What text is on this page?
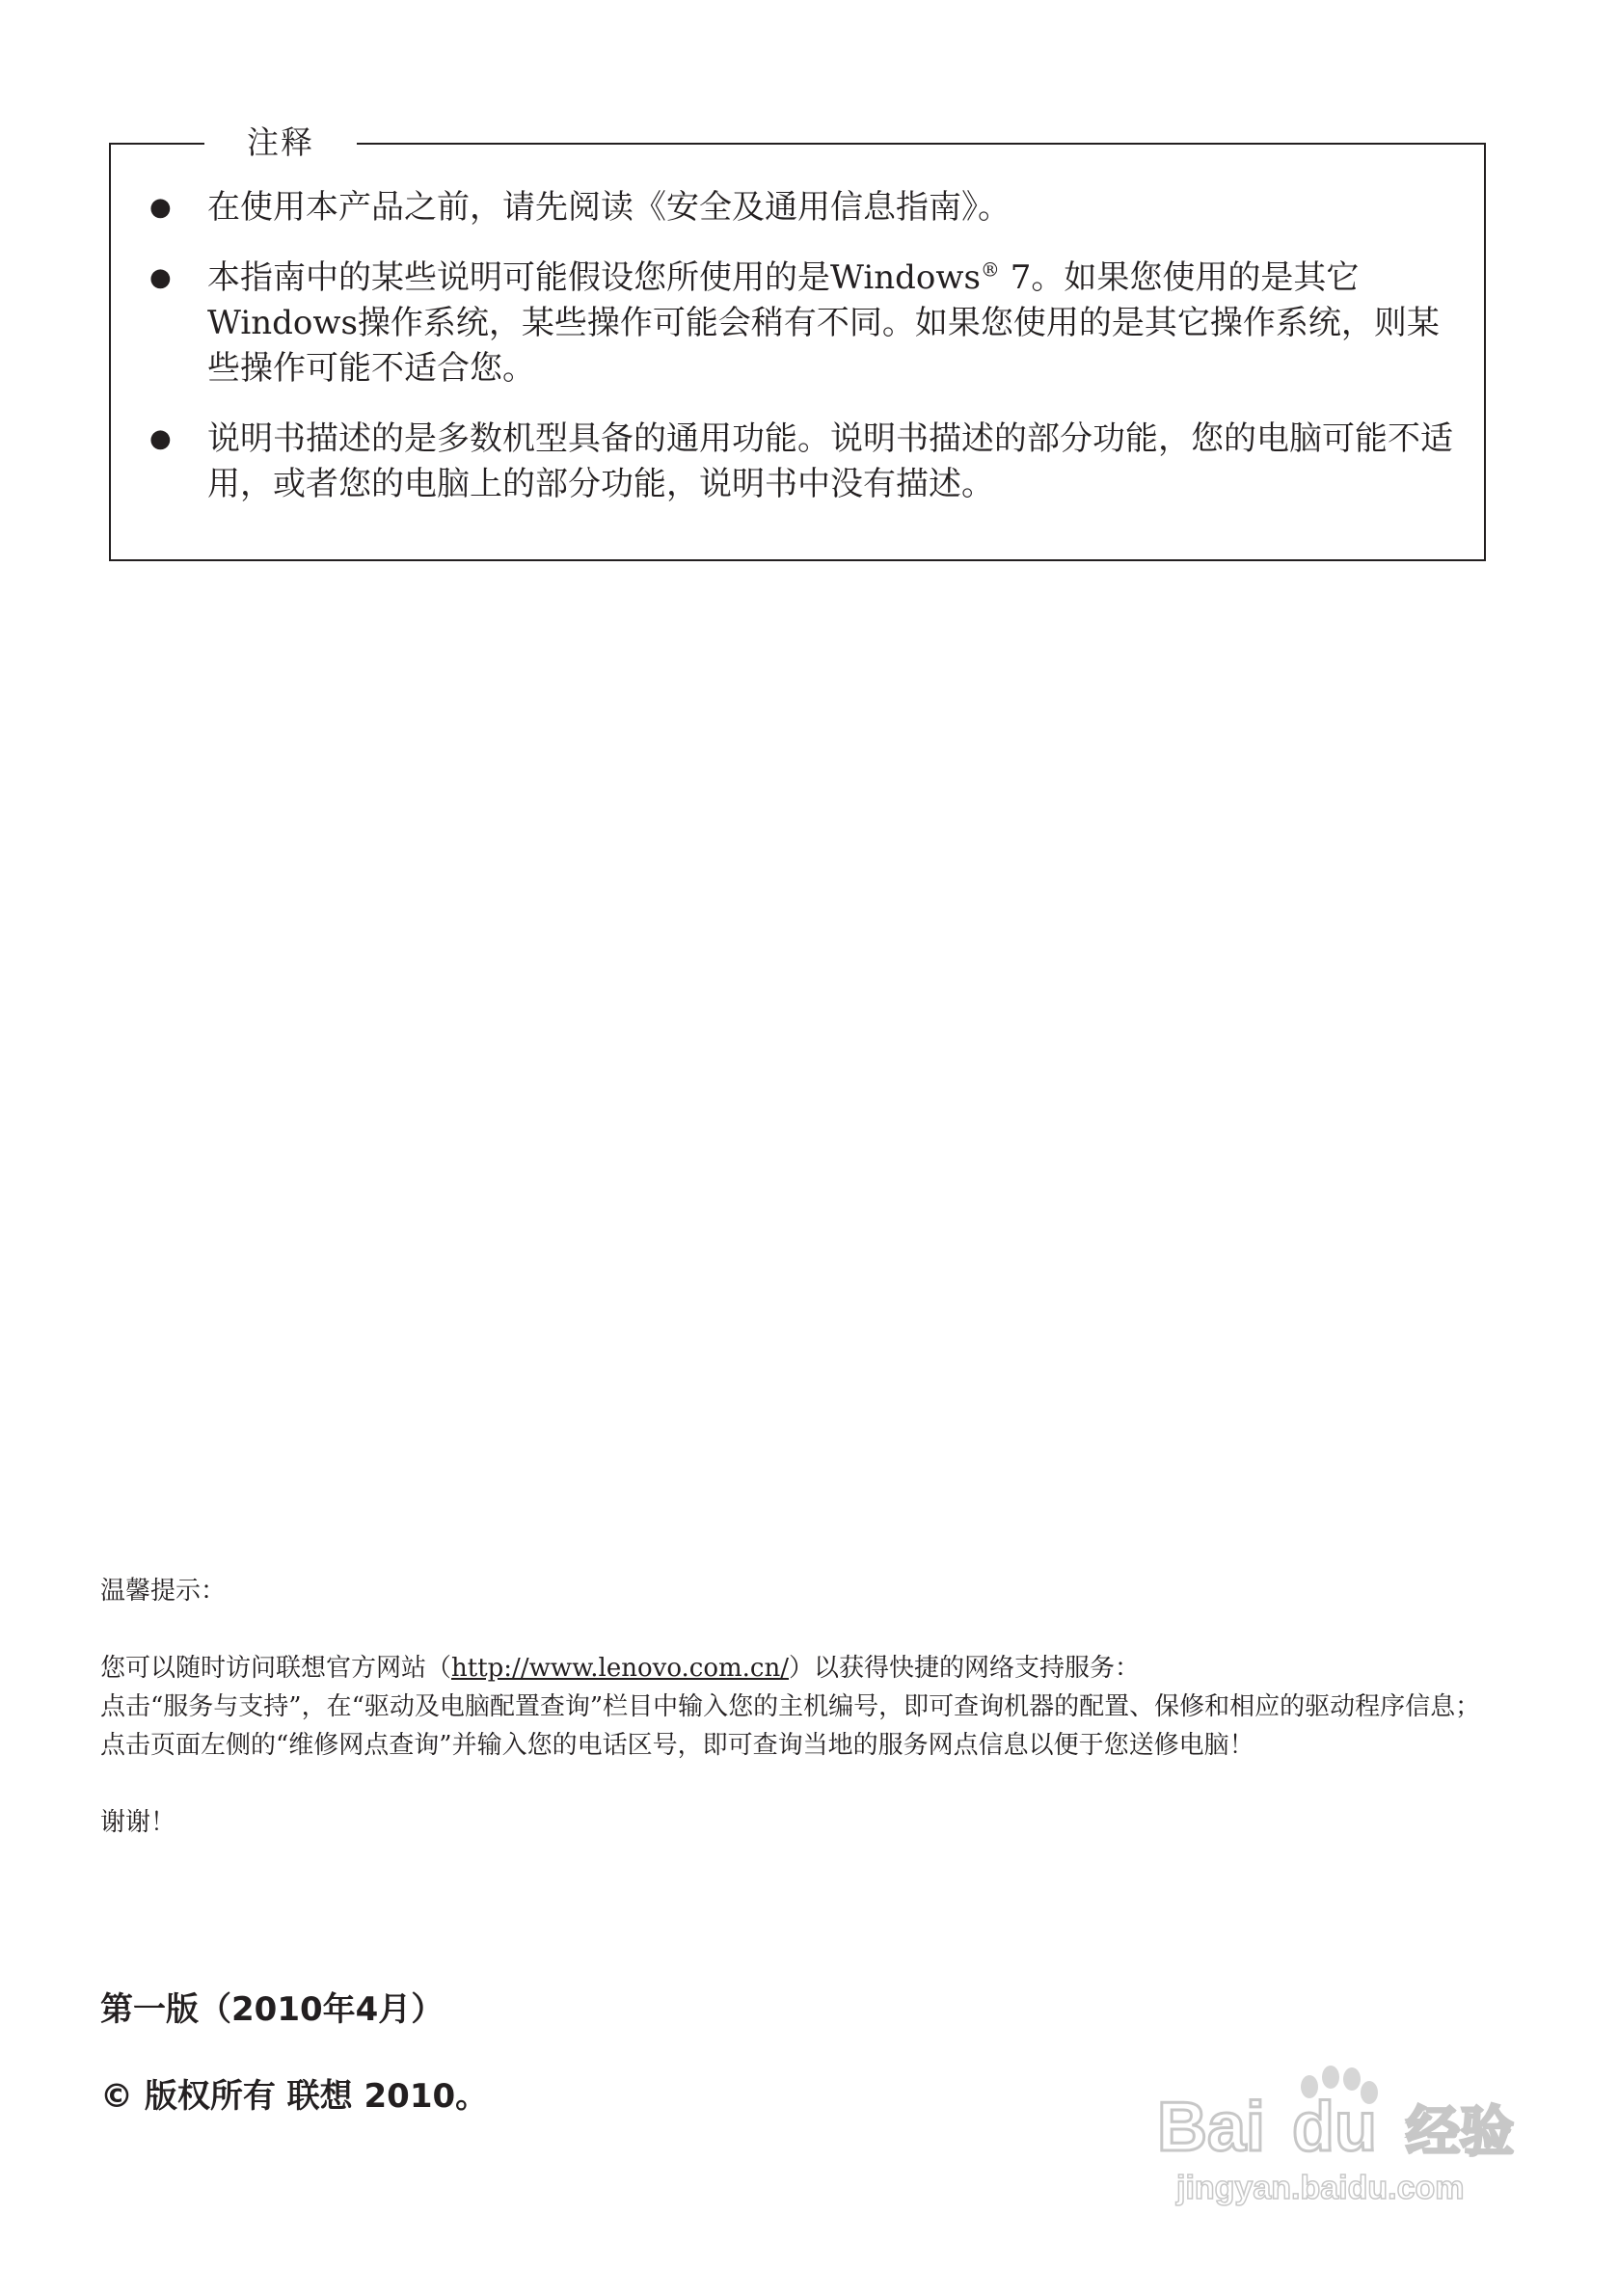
注释
● 在使用本产品之前，请先阅读《安全及通用信息指南》。
● 本指南中的某些说明可能假设您所使用的是Windows® 7。如果您使用的是其它Windows操作系统，某些操作可能会稍有不同。如果您使用的是其它操作系统，则某些操作可能不适合您。
● 说明书描述的是多数机型具备的通用功能。说明书描述的部分功能，您的电脑可能不适用，或者您的电脑上的部分功能，说明书中没有描述。

温馨提示：

您可以随时访问联想官方网站（http://www.lenovo.com.cn/）以获得快捷的网络支持服务：

点击“服务与支持”，在“驱动及电脑配置查询”栏目中输入您的主机编号，即可查询机器的配置、保修和相应的驱动程序信息；

点击页面左侧的“维修网点查询”并输入您的电话区号，即可查询当地的服务网点信息以便于您送修电脑！

谢谢！

第一版（2010年4月）
© 版权所有 联想 2010。	Bai du 经验
jingyan.baidu.com
